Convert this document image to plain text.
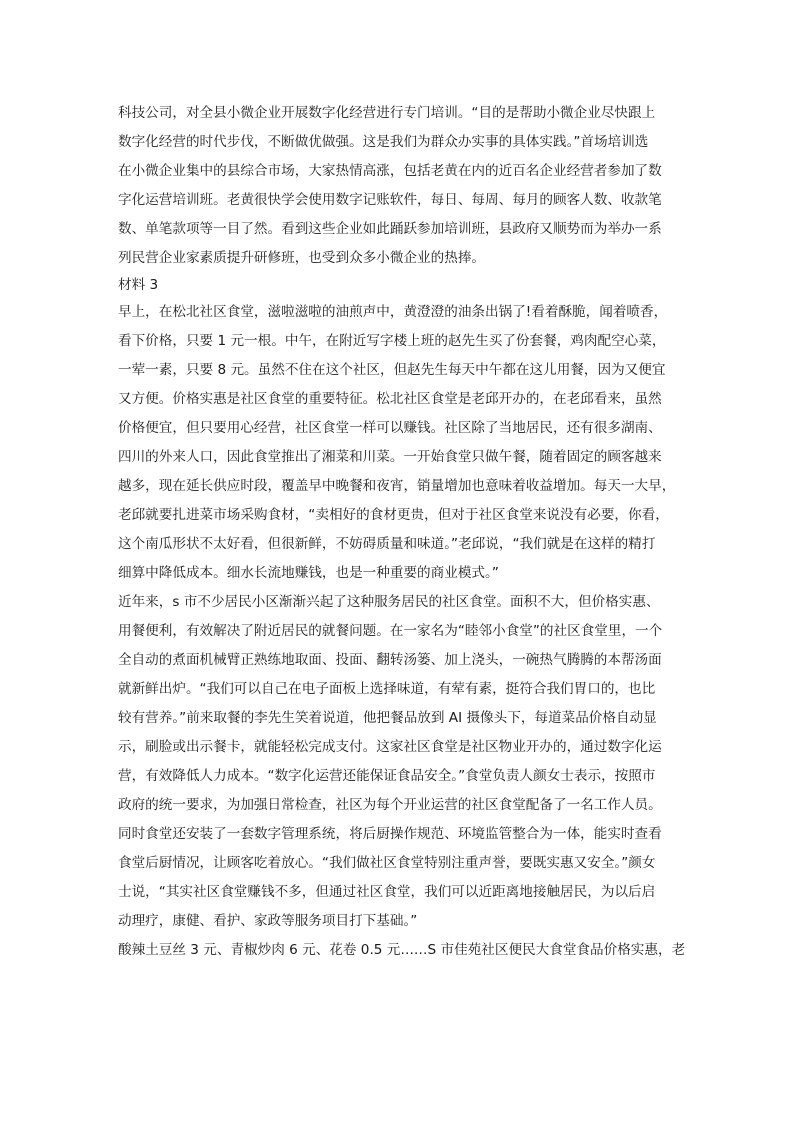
科技公司，对全县小微企业开展数字化经营进行专门培训。“目的是帮助小微企业尽快跟上
数字化经营的时代步伐，不断做优做强。这是我们为群众办实事的具体实践。”首场培训选
在小微企业集中的县综合市场，大家热情高涨，包括老黄在内的近百名企业经营者参加了数
字化运营培训班。老黄很快学会使用数字记账软件，每日、每周、每月的顾客人数、收款笔
数、单笔款项等一目了然。看到这些企业如此踊跃参加培训班，县政府又顺势而为举办一系
列民营企业家素质提升研修班，也受到众多小微企业的热捧。
材料 3
早上，在松北社区食堂，滋啦滋啦的油煎声中，黄澄澄的油条出锅了!看着酥脆，闻着喷香，
看下价格，只要 1 元一根。中午，在附近写字楼上班的赵先生买了份套餐，鸡肉配空心菜，
一荤一素，只要 8 元。虽然不住在这个社区，但赵先生每天中午都在这儿用餐，因为又便宜
又方便。价格实惠是社区食堂的重要特征。松北社区食堂是老邱开办的，在老邱看来，虽然
价格便宜，但只要用心经营，社区食堂一样可以赚钱。社区除了当地居民，还有很多湖南、
四川的外来人口，因此食堂推出了湘菜和川菜。一开始食堂只做午餐，随着固定的顾客越来
越多，现在延长供应时段，覆盖早中晚餐和夜宵，销量增加也意味着收益增加。每天一大早，
老邱就要扎进菜市场采购食材，“卖相好的食材更贵，但对于社区食堂来说没有必要，你看，
这个南瓜形状不太好看，但很新鲜，不妨碍质量和味道。”老邱说，“我们就是在这样的精打
细算中降低成本。细水长流地赚钱，也是一种重要的商业模式。”
近年来，s 市不少居民小区渐渐兴起了这种服务居民的社区食堂。面积不大，但价格实惠、
用餐便利，有效解决了附近居民的就餐问题。在一家名为“睦邻小食堂”的社区食堂里，一个
全自动的煮面机械臂正熟练地取面、投面、翻转汤篓、加上浇头，一碗热气腾腾的本帮汤面
就新鲜出炉。“我们可以自己在电子面板上选择味道，有荤有素，挺符合我们胃口的，也比
较有营养。”前来取餐的李先生笑着说道，他把餐品放到 AI 摄像头下，每道菜品价格自动显
示，刷脸或出示餐卡，就能轻松完成支付。这家社区食堂是社区物业开办的，通过数字化运
营，有效降低人力成本。“数字化运营还能保证食品安全。”食堂负责人颜女士表示，按照市
政府的统一要求，为加强日常检查，社区为每个开业运营的社区食堂配备了一名工作人员。
同时食堂还安装了一套数字管理系统，将后厨操作规范、环境监管整合为一体，能实时查看
食堂后厨情况，让顾客吃着放心。“我们做社区食堂特别注重声誉，要既实惠又安全。”颜女
士说，“其实社区食堂赚钱不多，但通过社区食堂，我们可以近距离地接触居民，为以后启
动理疗，康健、看护、家政等服务项目打下基础。”
酸辣土豆丝 3 元、青椒炒肉 6 元、花卷 0.5 元……S 市佳苑社区便民大食堂食品价格实惠，老
